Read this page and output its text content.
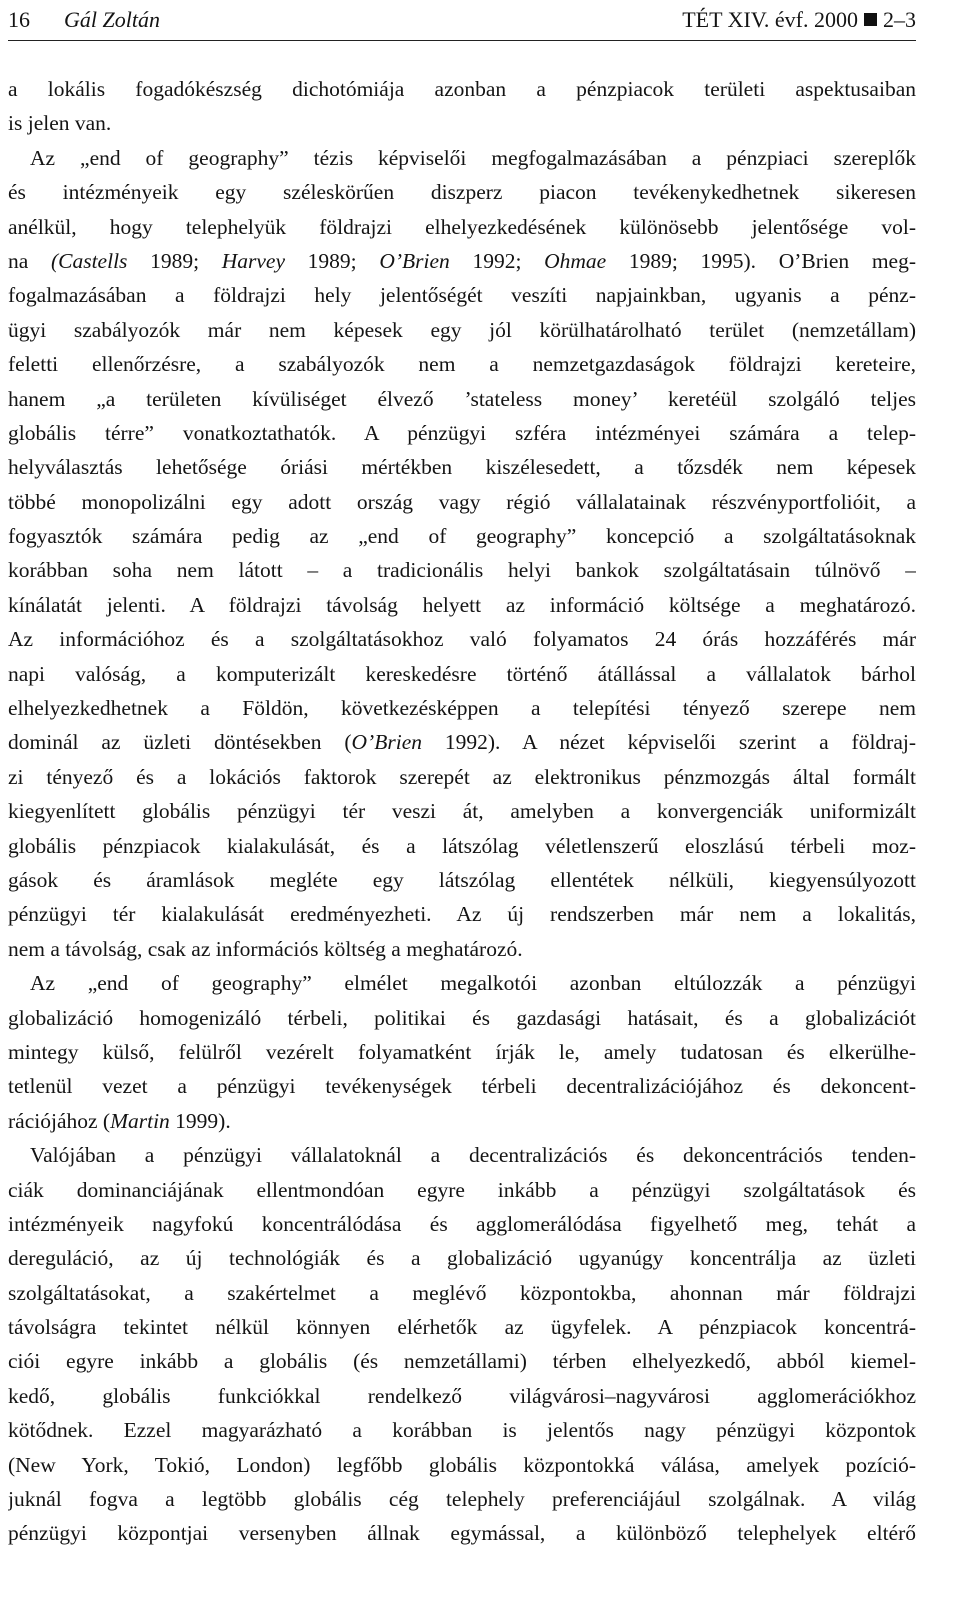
16 Gál Zoltán	TÉT XIV. évf. 2000 2–3
a lokális fogadókészség dichotómiája azonban a pénzpiacok területi aspektusaiban
is jelen van.
Az „end of geography” tézis képviselői megfogalmazásában a pénzpiaci szereplők
és intézményeik egy széleskörűen diszperz piacon tevékenykedhetnek sikeresen
anélkül, hogy telephelyük földrajzi elhelyezkedésének különösebb jelentősége vol-
na (Castells 1989; Harvey 1989; O’Brien 1992; Ohmae 1989; 1995). O’Brien meg-
fogalmazásában a földrajzi hely jelentőségét veszíti napjainkban, ugyanis a pénz-
ügyi szabályozók már nem képesek egy jól körülhatárolható terület (nemzetállam)
feletti ellenőrzésre, a szabályozók nem a nemzetgazdaságok földrajzi kereteire,
hanem „a területen kívüliséget élvező ’stateless money’ keretéül szolgáló teljes
globális térre” vonatkoztathatók. A pénzügyi szféra intézményei számára a telep-
helyválasztás lehetősége óriási mértékben kiszélesedett, a tőzsdék nem képesek
többé monopolizálni egy adott ország vagy régió vállalatainak részvényportfolióit, a
fogyasztók számára pedig az „end of geography” koncepció a szolgáltatásoknak
korábban soha nem látott – a tradicionális helyi bankok szolgáltatásain túlnövő –
kínálatát jelenti. A földrajzi távolság helyett az információ költsége a meghatározó.
Az információhoz és a szolgáltatásokhoz való folyamatos 24 órás hozzáférés már
napi valóság, a komputerizált kereskedésre történő átállással a vállalatok bárhol
elhelyezkedhetnek a Földön, következésképpen a telepítési tényező szerepe nem
dominál az üzleti döntésekben (O’Brien 1992). A nézet képviselői szerint a földraj-
zi tényező és a lokációs faktorok szerepét az elektronikus pénzmozgás által formált
kiegyenlített globális pénzügyi tér veszi át, amelyben a konvergenciák uniformizált
globális pénzpiacok kialakulását, és a látszólag véletlenszerű eloszlású térbeli moz-
gások és áramlások megléte egy látszólag ellentétek nélküli, kiegyensúlyozott
pénzügyi tér kialakulását eredményezheti. Az új rendszerben már nem a lokalitás,
nem a távolság, csak az információs költség a meghatározó.
Az „end of geography” elmélet megalkotói azonban eltúlozzák a pénzügyi
globalizáció homogenizáló térbeli, politikai és gazdasági hatásait, és a globalizációt
mintegy külső, felülről vezérelt folyamatként írják le, amely tudatosan és elkerülhe-
tetlenül vezet a pénzügyi tevékenységek térbeli decentralizációjához és dekoncent-
rációjához (Martin 1999).
Valójában a pénzügyi vállalatoknál a decentralizációs és dekoncentrációs tenden-
ciák dominanciájának ellentmondóan egyre inkább a pénzügyi szolgáltatások és
intézményeik nagyfokú koncentrálódása és agglomerálódása figyelhető meg, tehát a
dereguláció, az új technológiák és a globalizáció ugyanúgy koncentrálja az üzleti
szolgáltatásokat, a szakértelmet a meglévő központokba, ahonnan már földrajzi
távolságra tekintet nélkül könnyen elérhetők az ügyfelek. A pénzpiacok koncentrá-
ciói egyre inkább a globális (és nemzetállami) térben elhelyezkedő, abból kiemel-
kedő, globális funkciókkal rendelkező világvárosi–nagyvárosi agglomerációkhoz
kötődnek. Ezzel magyarázható a korábban is jelentős nagy pénzügyi központok
(New York, Tokió, London) legfőbb globális központokká válása, amelyek pozíció-
juknál fogva a legtöbb globális cég telephely preferenciájául szolgálnak. A világ
pénzügyi központjai versenyben állnak egymással, a különböző telephelyek eltérő
